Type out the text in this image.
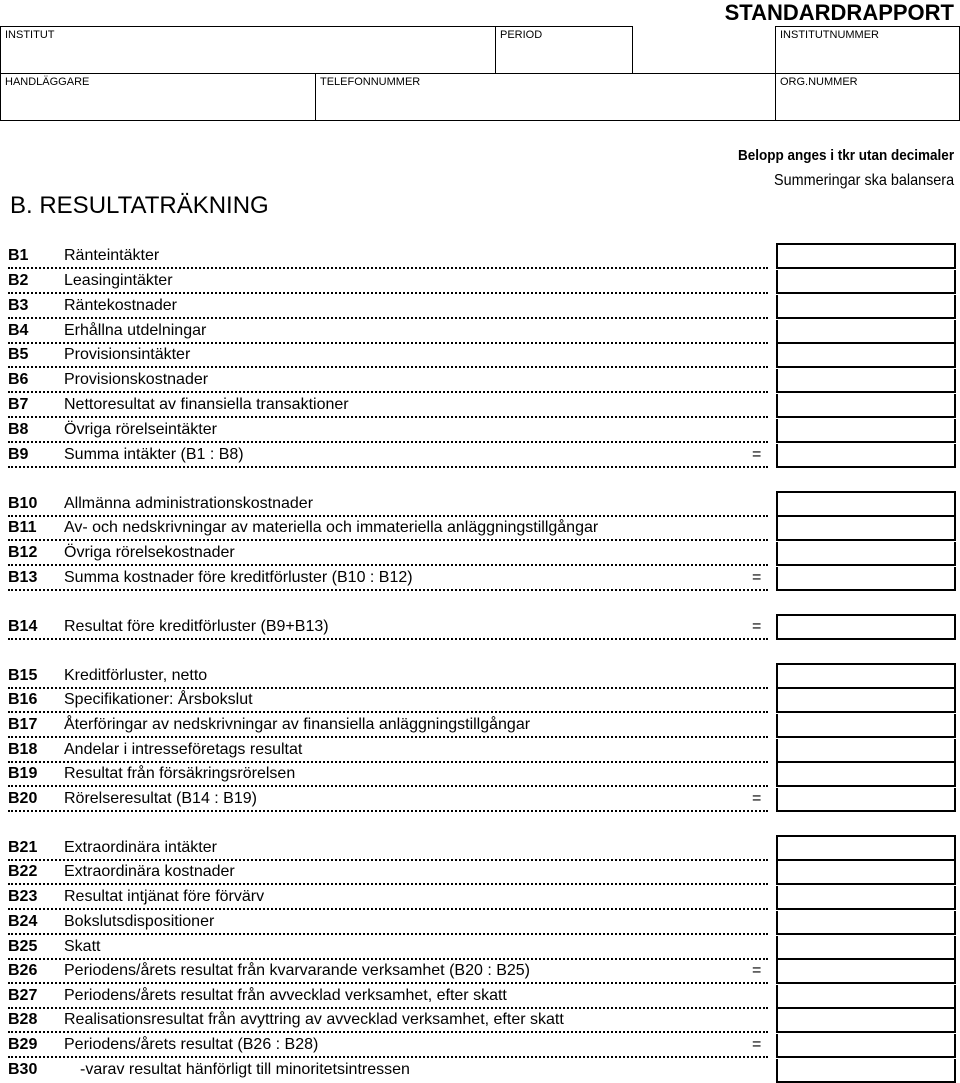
STANDARDRAPPORT
INSTITUT	PERIOD	INSTITUTNUMMER
HANDLÄGGARE	TELEFONNUMMER	ORG.NUMMER
Belopp anges i tkr utan decimaler
Summeringar ska balansera
B. RESULTATRÄKNING
B1 Ränteintäkter
B2 Leasingintäkter
B3 Räntekostnader
B4 Erhållna utdelningar
B5 Provisionsintäkter
B6 Provisionskostnader
B7 Nettoresultat av finansiella transaktioner
B8 Övriga rörelseintäkter
B9 Summa intäkter (B1 : B8)	=
B10 Allmänna administrationskostnader
B11 Av- och nedskrivningar av materiella och immateriella anläggningstillgångar
B12 Övriga rörelsekostnader
B13 Summa kostnader före kreditförluster (B10 : B12)	=
B14 Resultat före kreditförluster (B9+B13)	=
B15 Kreditförluster, netto
B16 Specifikationer: Årsbokslut
B17 Återföringar av nedskrivningar av finansiella anläggningstillgångar
B18 Andelar i intresseföretags resultat
B19 Resultat från försäkringsrörelsen
B20 Rörelseresultat (B14 : B19)	=
B21 Extraordinära intäkter
B22 Extraordinära kostnader
B23 Resultat intjänat före förvärv
B24 Bokslutsdispositioner
B25 Skatt
B26 Periodens/årets resultat från kvarvarande verksamhet (B20 : B25)	=
B27 Periodens/årets resultat från avvecklad verksamhet, efter skatt
B28 Realisationsresultat från avyttring av avvecklad verksamhet, efter skatt
B29 Periodens/årets resultat (B26 : B28)	=
B30	-varav resultat hänförligt till minoritetsintressen
